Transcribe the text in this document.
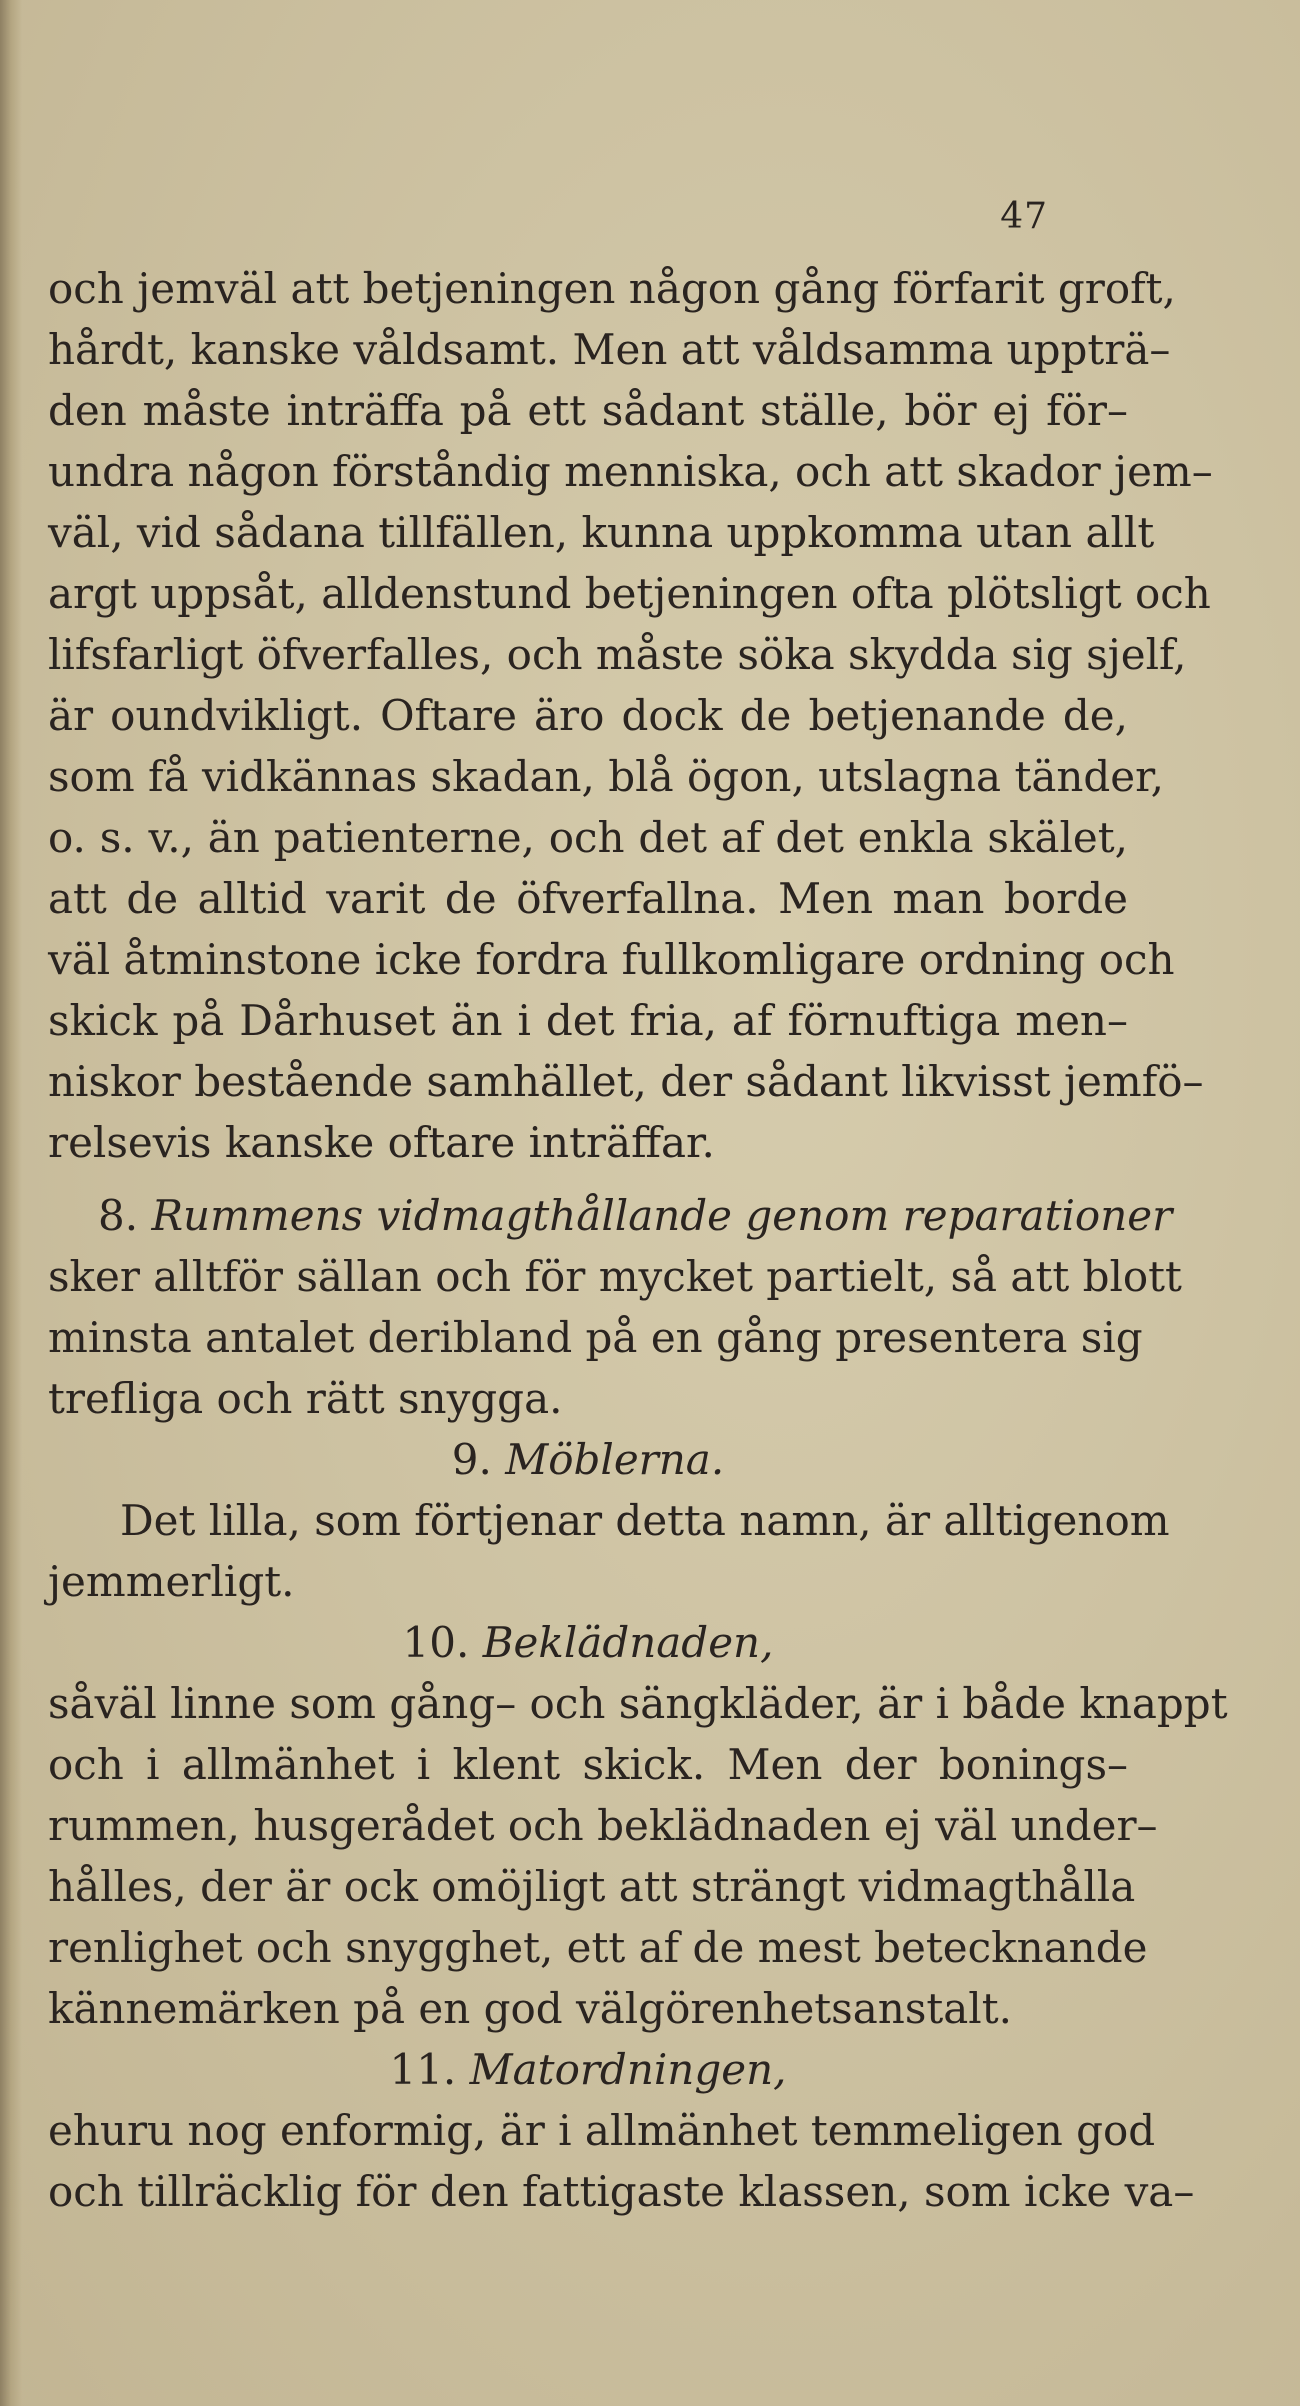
47
och jemväl att betjeningen någon gång förfarit groft,
hårdt, kanske våldsamt. Men att våldsamma uppträ–
den måste inträffa på ett sådant ställe, bör ej för–
undra någon förståndig menniska, och att skador jem–
väl, vid sådana tillfällen, kunna uppkomma utan allt
argt uppsåt, alldenstund betjeningen ofta plötsligt och
lifsfarligt öfverfalles, och måste söka skydda sig sjelf,
är oundvikligt. Oftare äro dock de betjenande de,
som få vidkännas skadan, blå ögon, utslagna tänder,
o. s. v., än patienterne, och det af det enkla skälet,
att de alltid varit de öfverfallna. Men man borde
väl åtminstone icke fordra fullkomligare ordning och
skick på Dårhuset än i det fria, af förnuftiga men–
niskor bestående samhället, der sådant likvisst jemfö–
relsevis kanske oftare inträffar.
8. Rummens vidmagthållande genom reparationer
sker alltför sällan och för mycket partielt, så att blott
minsta antalet deribland på en gång presentera sig
trefliga och rätt snygga.
9. Möblerna.
Det lilla, som förtjenar detta namn, är alltigenom
jemmerligt.
10. Beklädnaden,
såväl linne som gång– och sängkläder, är i både knappt
och i allmänhet i klent skick. Men der bonings–
rummen, husgerådet och beklädnaden ej väl under–
hålles, der är ock omöjligt att strängt vidmagthålla
renlighet och snygghet, ett af de mest betecknande
kännemärken på en god välgörenhetsanstalt.
11. Matordningen,
ehuru nog enformig, är i allmänhet temmeligen god
och tillräcklig för den fattigaste klassen, som icke va–
